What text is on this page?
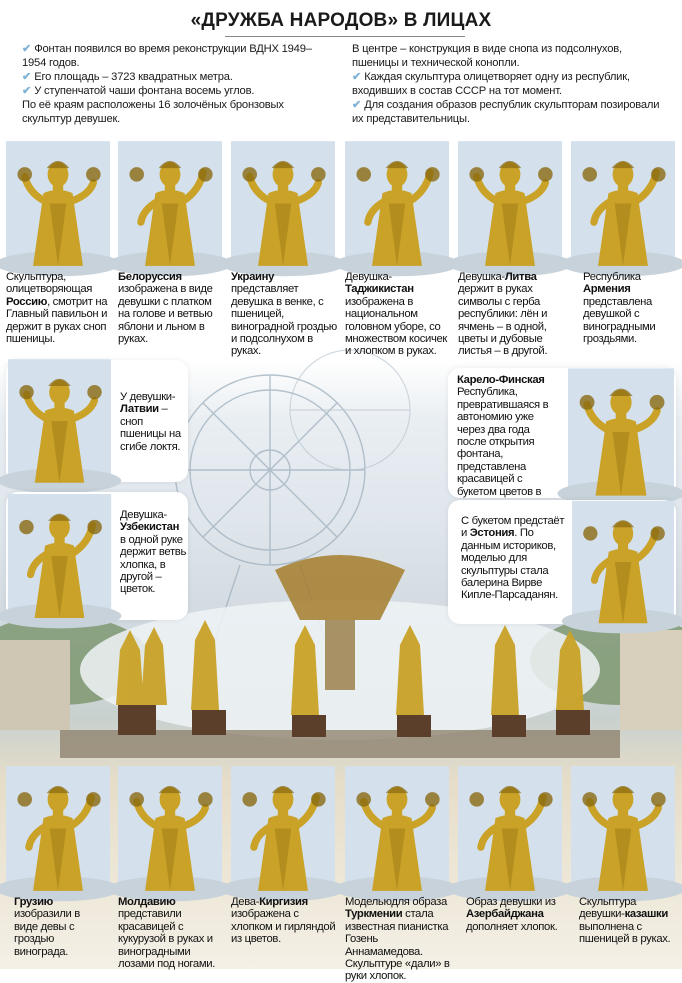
«ДРУЖБА НАРОДОВ» В ЛИЦАХ

✔ Фонтан появился во время реконструкции ВДНХ 1949–1954 годов.

✔ Его площадь – 3723 квадратных метра.

✔ У ступенчатой чаши фонтана восемь углов.

По её краям расположены 16 золочёных бронзовых скульптур девушек.

В центре – конструкция в виде снопа из подсолнухов, пшеницы и технической конопли.

✔ Каждая скульптура олицетворяет одну из республик, входивших в состав СССР на тот момент.

✔ Для создания образов республик скульпторам позировали их представительницы.

Скульптура, олицетворяющая Россию, смотрит на Главный павильон и держит в руках сноп пшеницы.
Белоруссия изображена в виде девушки с платком на голове и ветвью яблони и льном в руках.
Украину представляет девушка в венке, с пшеницей, виноградной гроздью и подсолнухом в руках.
Девушка-Таджикистан изображена в национальном головном уборе, со множеством косичек и хлопком в руках.
Девушка-Литва держит в руках символы с герба республики: лён и ячмень – в одной, цветы и дубовые листья – в другой.
Республика Армения представлена девушкой с виноградными гроздьями.
У девушки-Латвии – сноп пшеницы на сгибе локтя.
Девушка-Узбекистан в одной руке держит ветвь хлопка, в другой – цветок.
Карело-Финская Республика, превратившаяся в автономию уже через два года после открытия фонтана, представлена красавицей с букетом цветов в
С букетом предстаёт и Эстония. По данным историков, моделью для скульптуры стала балерина Вирве Кипле-Парсаданян.
Грузию изобразили в виде девы с гроздью винограда.
Молдавию представили красавицей с кукурузой в руках и виноградными лозами под ногами.
Дева-Киргизия изображена с хлопком и гирляндой из цветов.
Модельюдля образа Туркмении стала известная пианистка Гозень Аннамамедова. Скульптуре «дали» в руки хлопок.
Образ девушки из Азербайджана дополняет хлопок.
Скульптура девушки-казашки выполнена с пшеницей в руках.
